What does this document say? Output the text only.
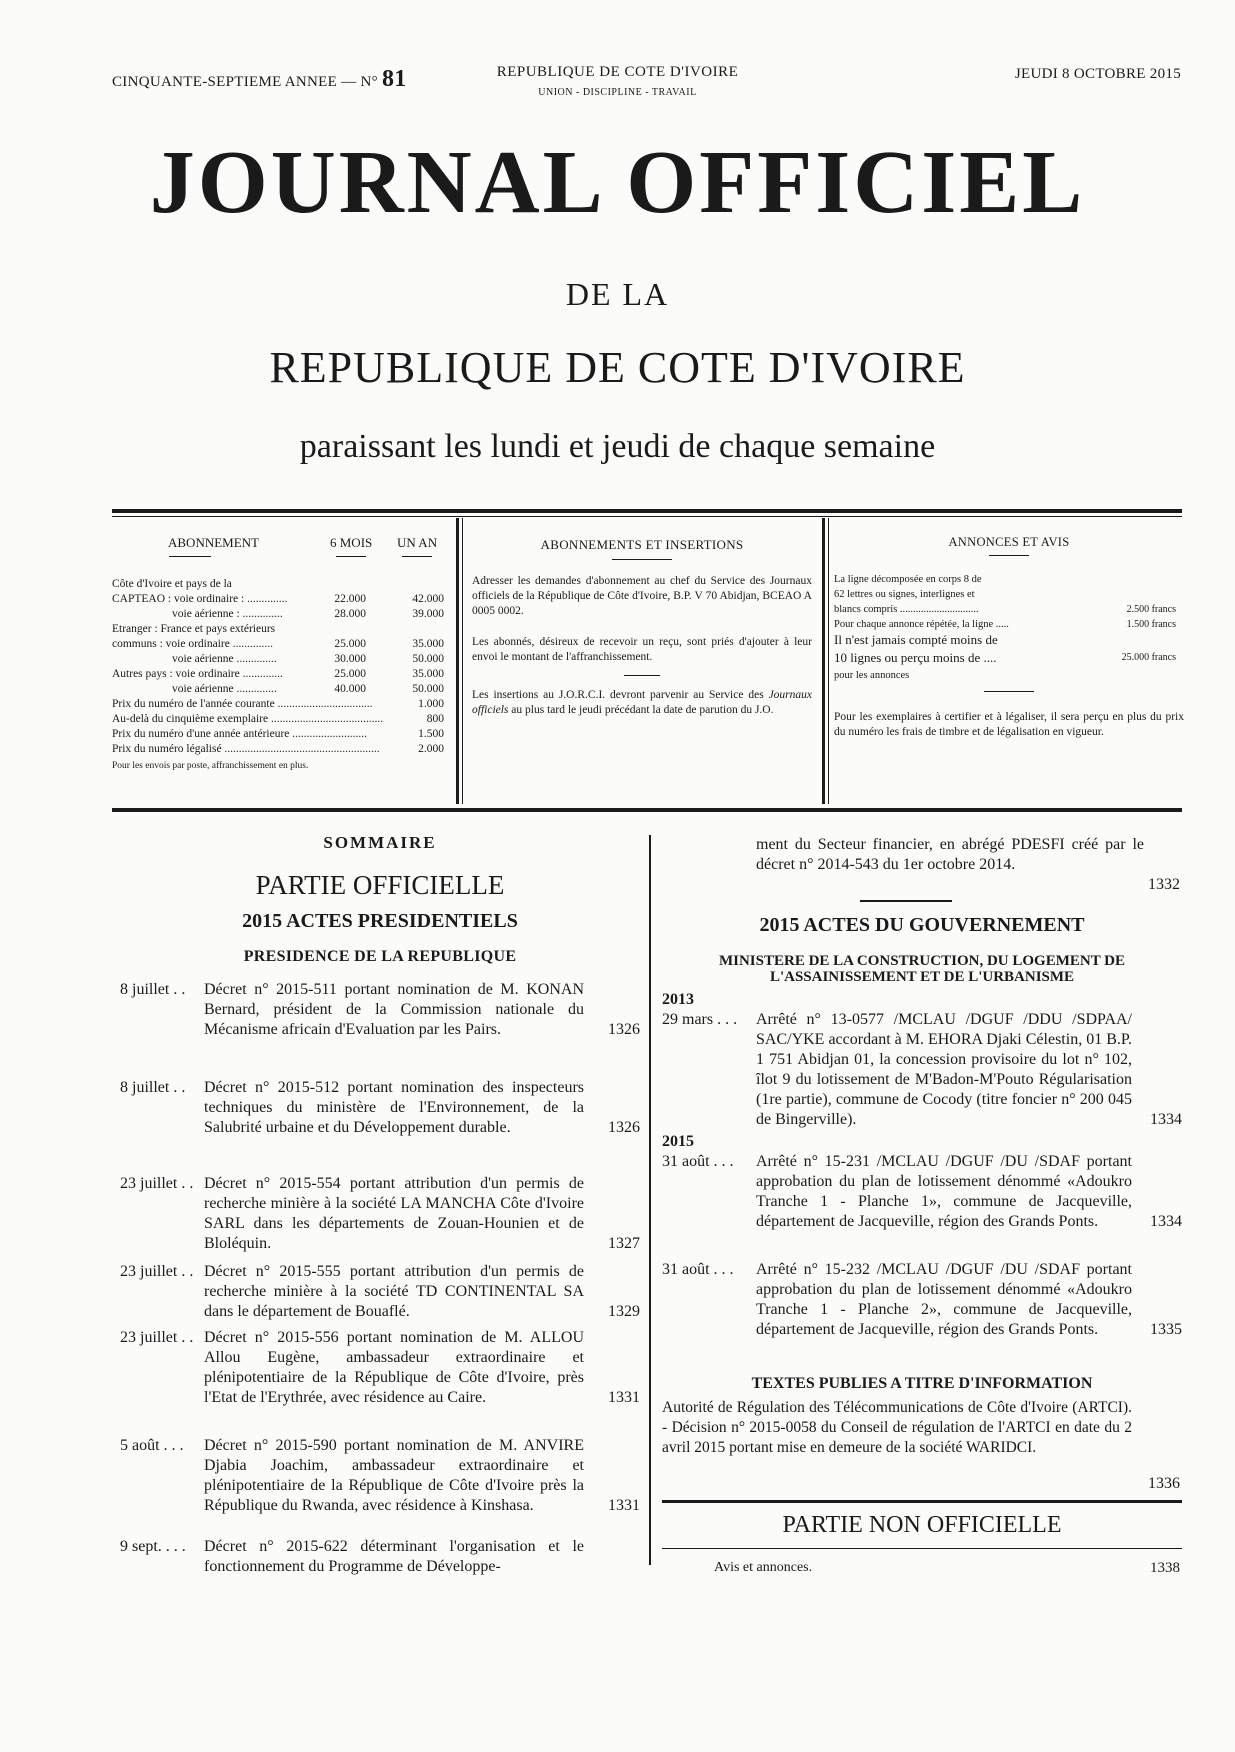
CINQUANTE-SEPTIEME ANNEE — N° 81	REPUBLIQUE DE COTE D'IVOIRE
UNION - DISCIPLINE - TRAVAIL
JEUDI 8 OCTOBRE 2015
JOURNAL OFFICIEL
DE LA
REPUBLIQUE DE COTE D'IVOIRE
paraissant les lundi et jeudi de chaque semaine
ABONNEMENT	6 MOIS UN AN
Côte d'Ivoire et pays de la
CAPTEAO : voie ordinaire : ..............	22.000	42.000
voie aérienne : ..............	28.000	39.000
Etranger : France et pays extérieurs
communs : voie ordinaire ..............	25.000	35.000
voie aérienne ..............	30.000	50.000
Autres pays : voie ordinaire ..............	25.000	35.000
voie aérienne ..............	40.000	50.000
Prix du numéro de l'année courante .................................	1.000
Au-delà du cinquième exemplaire .......................................	800
Prix du numéro d'une année antérieure ..........................	1.500
Prix du numéro légalisé ......................................................	2.000
Pour les envois par poste, affranchissement en plus.
ABONNEMENTS ET INSERTIONS
Adresser les demandes d'abonnement au chef du Service des Journaux officiels de la République de Côte d'Ivoire, B.P. V 70 Abidjan, BCEAO A 0005 0002.
Les abonnés, désireux de recevoir un reçu, sont priés d'ajouter à leur envoi le montant de l'affranchissement.
Les insertions au J.O.R.C.I. devront parvenir au Service des Journaux officiels au plus tard le jeudi précédant la date de parution du J.O.
ANNONCES ET AVIS
La ligne décomposée en corps 8 de
62 lettres ou signes, interlignes et
blancs compris ..............................	2.500 francs
Pour chaque annonce répétée, la ligne .....	1.500 francs
Il n'est jamais compté moins de
10 lignes ou perçu moins de ....	25.000 francs
pour les annonces
Pour les exemplaires à certifier et à légaliser, il sera perçu en plus du prix du numéro les frais de timbre et de légalisation en vigueur.
SOMMAIRE
PARTIE OFFICIELLE
2015 ACTES PRESIDENTIELS
PRESIDENCE DE LA REPUBLIQUE
8 juillet . . Décret n° 2015-511 portant nomination de M. KONAN Bernard, président de la Commission nationale du Mécanisme africain d'Evaluation par les Pairs.	1326
8 juillet . . Décret n° 2015-512 portant nomination des inspecteurs techniques du ministère de l'Environnement, de la Salubrité urbaine et du Développement durable.	1326
23 juillet . . Décret n° 2015-554 portant attribution d'un permis de recherche minière à la société LA MANCHA Côte d'Ivoire SARL dans les départements de Zouan-Hounien et de Bloléquin.	1327
23 juillet . . Décret n° 2015-555 portant attribution d'un permis de recherche minière à la société TD CONTINENTAL SA dans le département de Bouaflé.	1329
23 juillet . . Décret n° 2015-556 portant nomination de M. ALLOU Allou Eugène, ambassadeur extraordinaire et plénipotentiaire de la République de Côte d'Ivoire, près l'Etat de l'Erythrée, avec résidence au Caire.	1331
5 août . . . Décret n° 2015-590 portant nomination de M. ANVIRE Djabia Joachim, ambassadeur extraordinaire et plénipotentiaire de la République de Côte d'Ivoire près la République du Rwanda, avec résidence à Kinshasa.	1331
9 sept. . . . Décret n° 2015-622 déterminant l'organisation et le fonctionnement du Programme de Développe-
ment du Secteur financier, en abrégé PDESFI créé par le décret n° 2014-543 du 1er octobre 2014.
1332
2015 ACTES DU GOUVERNEMENT
MINISTERE DE LA CONSTRUCTION, DU LOGEMENT DE L'ASSAINISSEMENT ET DE L'URBANISME
2013
2015
29 mars . . . Arrêté n° 13-0577 /MCLAU /DGUF /DDU /SDPAA/ SAC/YKE accordant à M. EHORA Djaki Célestin, 01 B.P. 1 751 Abidjan 01, la concession provisoire du lot n° 102, îlot 9 du lotissement de M'Badon-M'Pouto Régularisation (1re partie), commune de Cocody (titre foncier n° 200 045 de Bingerville).	1334
31 août . . . Arrêté n° 15-231 /MCLAU /DGUF /DU /SDAF portant approbation du plan de lotissement dénommé «Adoukro Tranche 1 - Planche 1», commune de Jacqueville, département de Jacqueville, région des Grands Ponts.	1334
31 août . . . Arrêté n° 15-232 /MCLAU /DGUF /DU /SDAF portant approbation du plan de lotissement dénommé «Adoukro Tranche 1 - Planche 2», commune de Jacqueville, département de Jacqueville, région des Grands Ponts.	1335
TEXTES PUBLIES A TITRE D'INFORMATION
Autorité de Régulation des Télécommunications de Côte d'Ivoire (ARTCI). - Décision n° 2015-0058 du Conseil de régulation de l'ARTCI en date du 2 avril 2015 portant mise en demeure de la société WARIDCI.
1336
PARTIE NON OFFICIELLE
Avis et annonces.	1338
